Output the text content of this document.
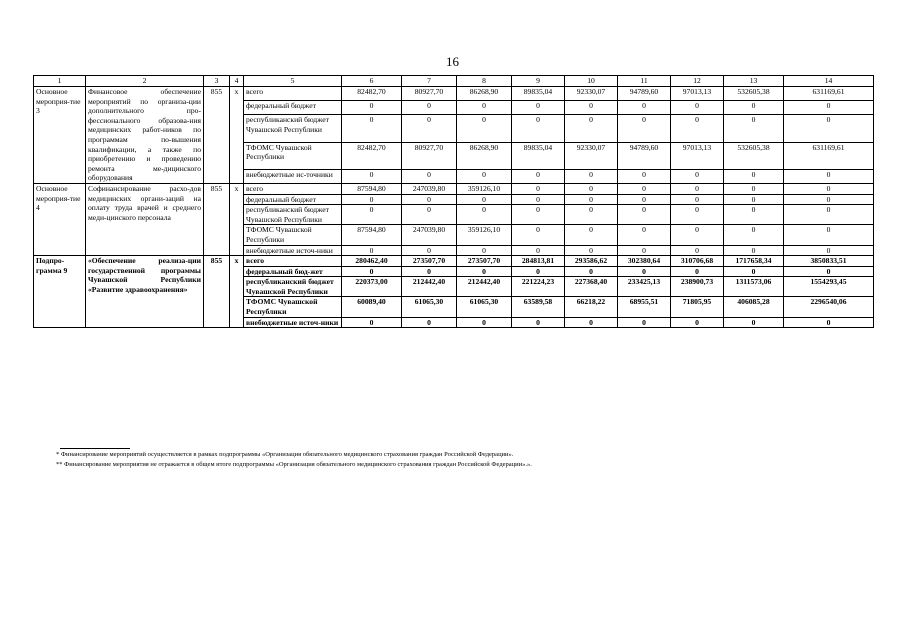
16
1	2	3	4	5	6	7	8	9	10	11	12	13	14
Основное мероприя-тие 3	Финансовое обеспечение мероприятий по организа-ции дополнительного про-фессионального образова-ния медицинских работ-ников по программам по-вышения квалификации, а также по приобретению и проведению ремонта ме-дицинского оборудования	855	х	всего	82482,70	80927,70	86268,90	89835,04	92330,07	94789,60	97013,13	532605,38	631169,61
				федеральный бюджет	0	0	0	0	0	0	0	0	0
				республиканский бюджет Чувашской Республики	0	0	0	0	0	0	0	0	0
				ТФОМС Чувашской Республики	82482,70	80927,70	86268,90	89835,04	92330,07	94789,60	97013,13	532605,38	631169,61
				внебюджетные ис-точники	0	0	0	0	0	0	0	0	0
Основное мероприя-тие 4	Софинансирование расхо-дов медицинских органи-заций на оплату труда врачей и среднего меди-цинского персонала	855	х	всего	87594,80	247039,80	359126,10	0	0	0	0	0	0
				федеральный бюджет	0	0	0	0	0	0	0	0	0
				республиканский бюджет Чувашской Республики	0	0	0	0	0	0	0	0	0
				ТФОМС Чувашской Республики	87594,80	247039,80	359126,10	0	0	0	0	0	0
				внебюджетные источ-ники	0	0	0	0	0	0	0	0	0
Подпро-грамма 9	«Обеспечение реализа-ции государственной программы Чувашской Республики «Развитие здравоохранения»	855	х	всего	280462,40	273507,70	273507,70	284813,81	293586,62	302380,64	310706,68	1717658,34	3850833,51
				федеральный бюд-жет	0	0	0	0	0	0	0	0	0
				республиканский бюджет Чувашской Республики	220373,00	212442,40	212442,40	221224,23	227368,40	233425,13	238900,73	1311573,06	1554293,45
				ТФОМС Чувашской Республики	60089,40	61065,30	61065,30	63589,58	66218,22	68955,51	71805,95	406085,28	2296540,06
				внебюджетные источ-ники	0	0	0	0	0	0	0	0	0

* Финансирование мероприятий осуществляется в рамках подпрограммы «Организация обязательного медицинского страхования граждан Российской Федерации».

** Финансирование мероприятия не отражается в общем итоге подпрограммы «Организация обязательного медицинского страхования граждан Российской Федерации».».
